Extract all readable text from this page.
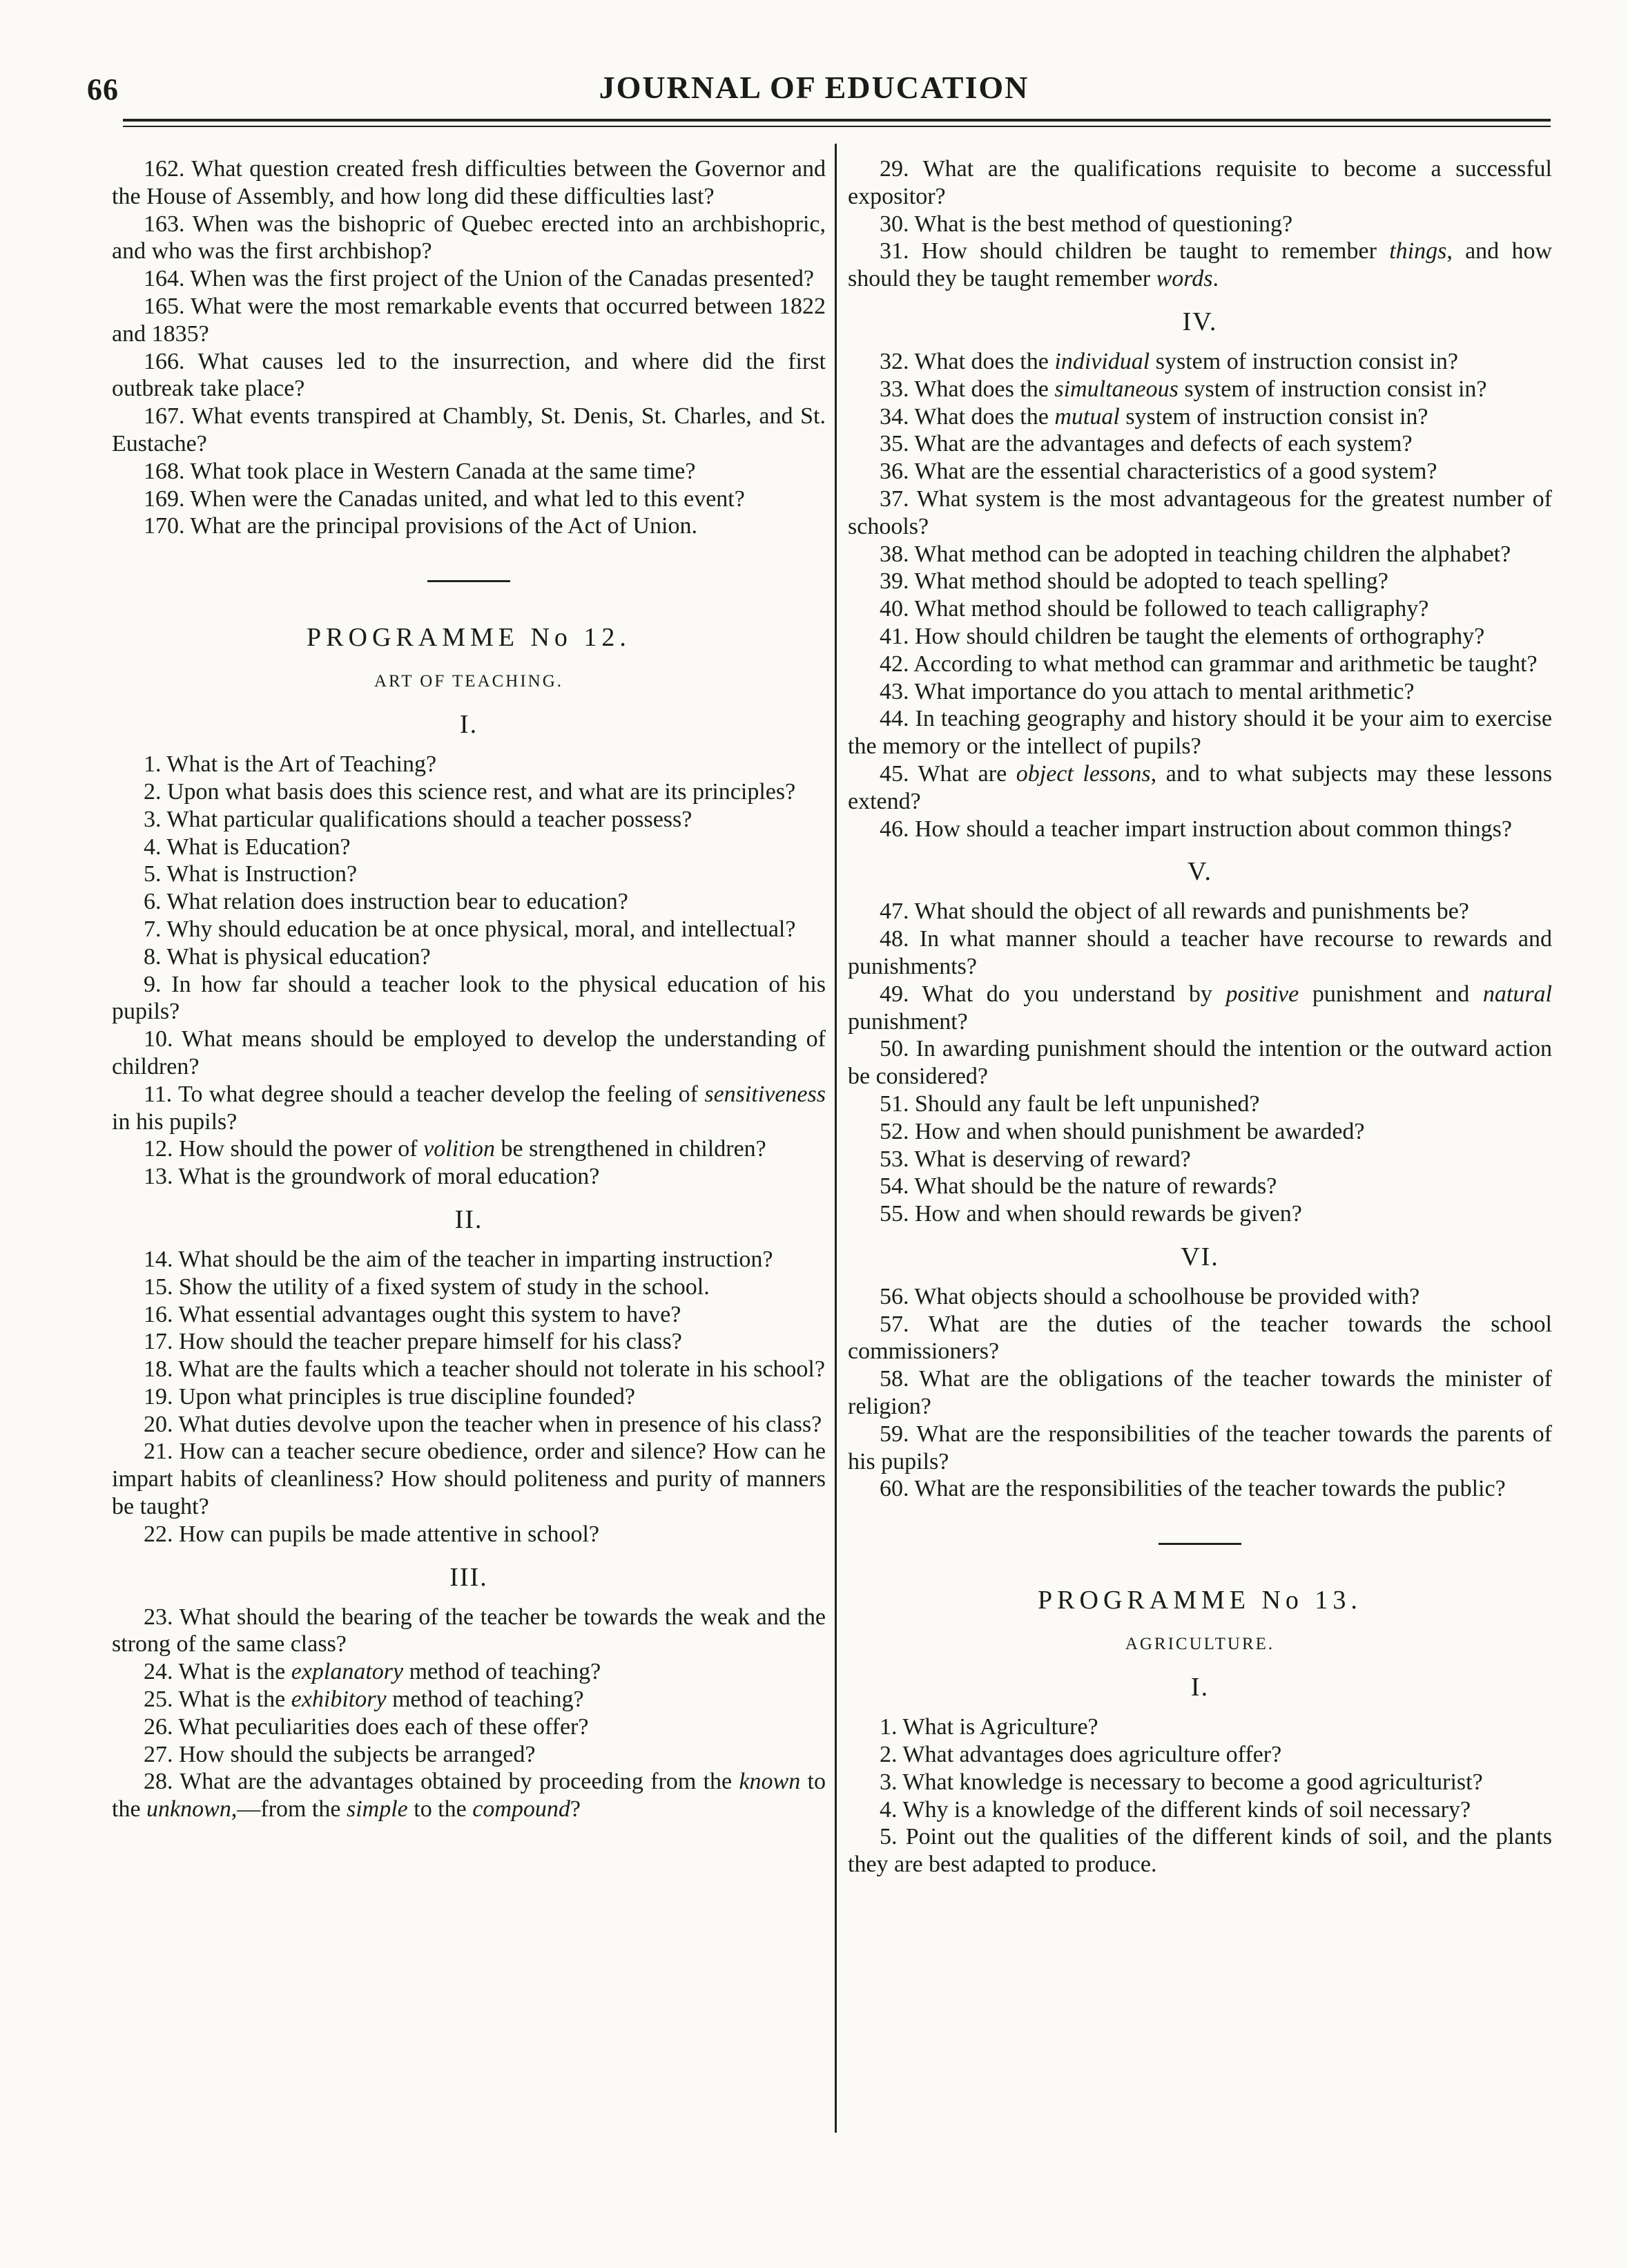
66	JOURNAL OF EDUCATION

162. What question created fresh difficulties between the Governor and the House of Assembly, and how long did these difficulties last?

163. When was the bishopric of Quebec erected into an archbishopric, and who was the first archbishop?

164. When was the first project of the Union of the Canadas presented?

165. What were the most remarkable events that occurred between 1822 and 1835?

166. What causes led to the insurrection, and where did the first outbreak take place?

167. What events transpired at Chambly, St. Denis, St. Charles, and St. Eustache?

168. What took place in Western Canada at the same time?

169. When were the Canadas united, and what led to this event?

170. What are the principal provisions of the Act of Union.

PROGRAMME No 12.
ART OF TEACHING.
I.

1. What is the Art of Teaching?

2. Upon what basis does this science rest, and what are its principles?

3. What particular qualifications should a teacher possess?

4. What is Education?

5. What is Instruction?

6. What relation does instruction bear to education?

7. Why should education be at once physical, moral, and intellectual?

8. What is physical education?

9. In how far should a teacher look to the physical education of his pupils?

10. What means should be employed to develop the understanding of children?

11. To what degree should a teacher develop the feeling of sensitiveness in his pupils?

12. How should the power of volition be strengthened in children?

13. What is the groundwork of moral education?

II.

14. What should be the aim of the teacher in imparting instruction?

15. Show the utility of a fixed system of study in the school.

16. What essential advantages ought this system to have?

17. How should the teacher prepare himself for his class?

18. What are the faults which a teacher should not tolerate in his school?

19. Upon what principles is true discipline founded?

20. What duties devolve upon the teacher when in presence of his class?

21. How can a teacher secure obedience, order and silence? How can he impart habits of cleanliness? How should politeness and purity of manners be taught?

22. How can pupils be made attentive in school?

III.

23. What should the bearing of the teacher be towards the weak and the strong of the same class?

24. What is the explanatory method of teaching?

25. What is the exhibitory method of teaching?

26. What peculiarities does each of these offer?

27. How should the subjects be arranged?

28. What are the advantages obtained by proceeding from the known to the unknown,—from the simple to the compound?

29. What are the qualifications requisite to become a successful expositor?

30. What is the best method of questioning?

31. How should children be taught to remember things, and how should they be taught remember words.

IV.

32. What does the individual system of instruction consist in?

33. What does the simultaneous system of instruction consist in?

34. What does the mutual system of instruction consist in?

35. What are the advantages and defects of each system?

36. What are the essential characteristics of a good system?

37. What system is the most advantageous for the greatest number of schools?

38. What method can be adopted in teaching children the alphabet?

39. What method should be adopted to teach spelling?

40. What method should be followed to teach calligraphy?

41. How should children be taught the elements of orthography?

42. According to what method can grammar and arithmetic be taught?

43. What importance do you attach to mental arithmetic?

44. In teaching geography and history should it be your aim to exercise the memory or the intellect of pupils?

45. What are object lessons, and to what subjects may these lessons extend?

46. How should a teacher impart instruction about common things?

V.

47. What should the object of all rewards and punishments be?

48. In what manner should a teacher have recourse to rewards and punishments?

49. What do you understand by positive punishment and natural punishment?

50. In awarding punishment should the intention or the outward action be considered?

51. Should any fault be left unpunished?

52. How and when should punishment be awarded?

53. What is deserving of reward?

54. What should be the nature of rewards?

55. How and when should rewards be given?

VI.

56. What objects should a schoolhouse be provided with?

57. What are the duties of the teacher towards the school commissioners?

58. What are the obligations of the teacher towards the minister of religion?

59. What are the responsibilities of the teacher towards the parents of his pupils?

60. What are the responsibilities of the teacher towards the public?

PROGRAMME No 13.
AGRICULTURE.
I.

1. What is Agriculture?

2. What advantages does agriculture offer?

3. What knowledge is necessary to become a good agriculturist?

4. Why is a knowledge of the different kinds of soil necessary?

5. Point out the qualities of the different kinds of soil, and the plants they are best adapted to produce.
